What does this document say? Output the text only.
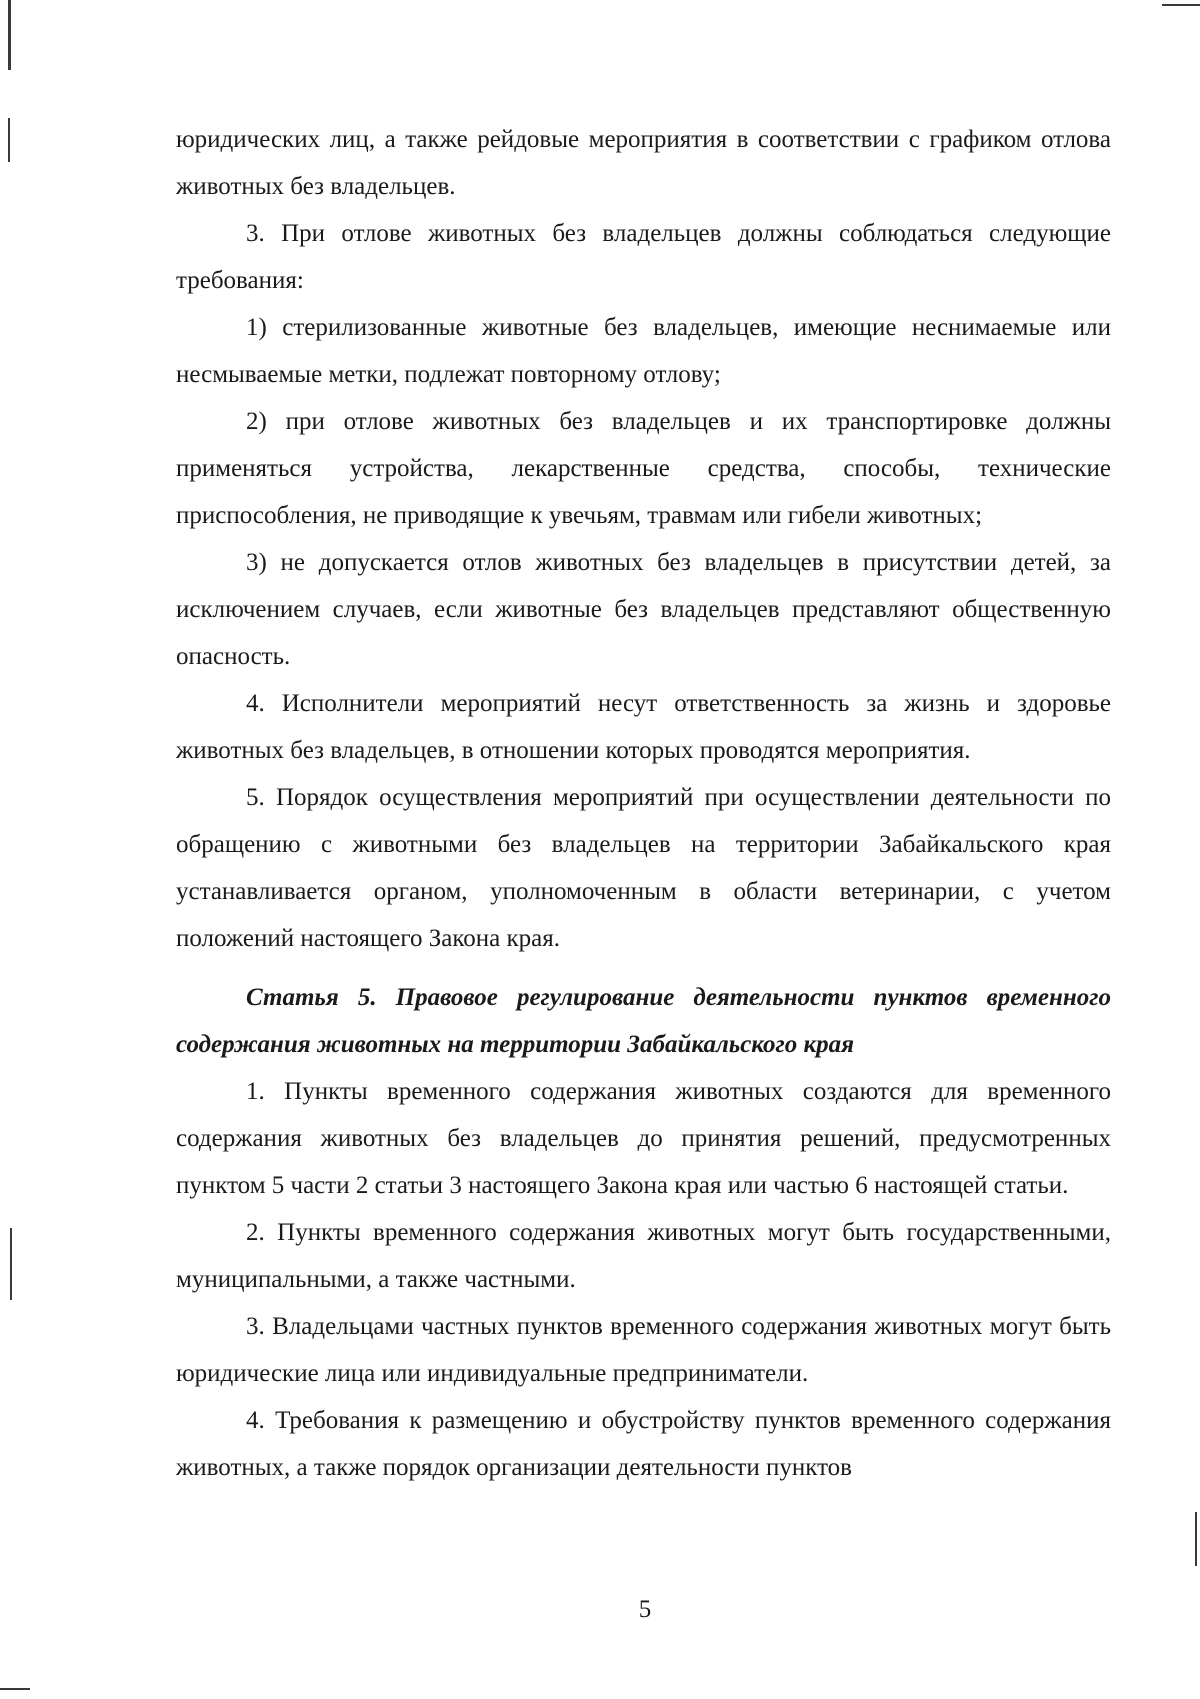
юридических лиц, а также рейдовые мероприятия в соответствии с графиком отлова животных без владельцев.

3. При отлове животных без владельцев должны соблюдаться следующие требования:

1) стерилизованные животные без владельцев, имеющие неснимаемые или несмываемые метки, подлежат повторному отлову;

2) при отлове животных без владельцев и их транспортировке должны применяться устройства, лекарственные средства, способы, технические приспособления, не приводящие к увечьям, травмам или гибели животных;

3) не допускается отлов животных без владельцев в присутствии детей, за исключением случаев, если животные без владельцев представляют общественную опасность.

4. Исполнители мероприятий несут ответственность за жизнь и здоровье животных без владельцев, в отношении которых проводятся мероприятия.

5. Порядок осуществления мероприятий при осуществлении деятельности по обращению с животными без владельцев на территории Забайкальского края устанавливается органом, уполномоченным в области ветеринарии, с учетом положений настоящего Закона края.

Статья 5. Правовое регулирование деятельности пунктов временного содержания животных на территории Забайкальского края

1. Пункты временного содержания животных создаются для временного содержания животных без владельцев до принятия решений, предусмотренных пунктом 5 части 2 статьи 3 настоящего Закона края или частью 6 настоящей статьи.

2. Пункты временного содержания животных могут быть государственными, муниципальными, а также частными.

3. Владельцами частных пунктов временного содержания животных могут быть юридические лица или индивидуальные предприниматели.

4. Требования к размещению и обустройству пунктов временного содержания животных, а также порядок организации деятельности пунктов

5
